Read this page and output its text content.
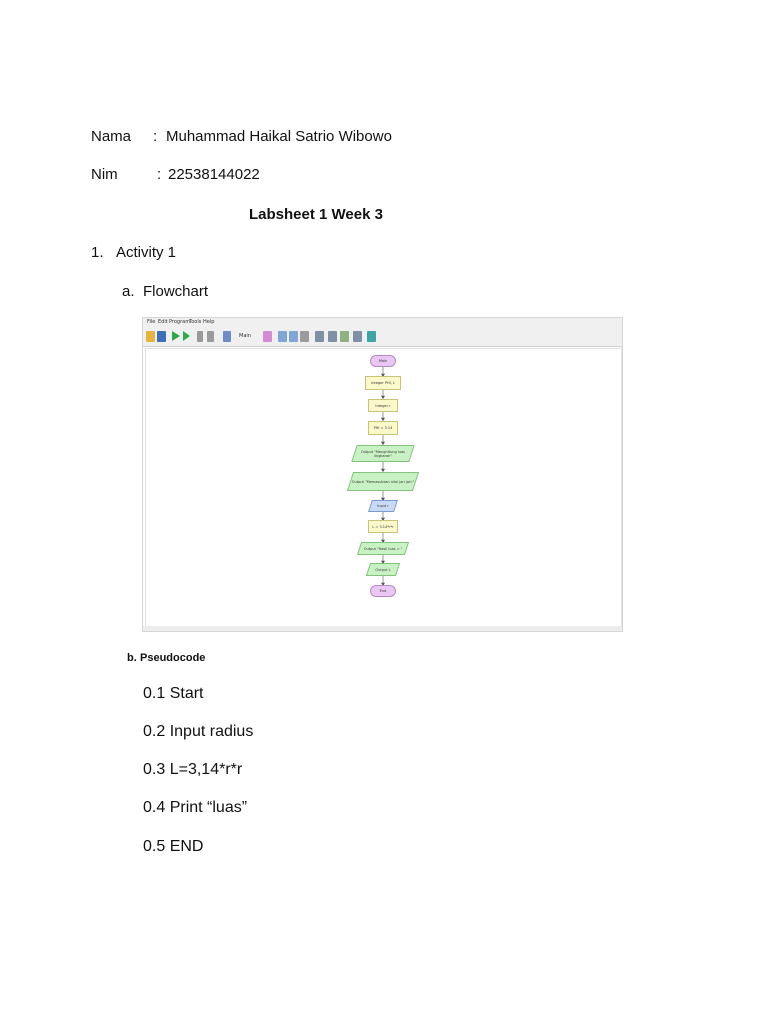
Nama : Muhammad Haikal Satrio Wibowo
Nim	: 22538144022
Labsheet 1 Week 3
1. Activity 1
a. Flowchart
File Edit Program
Tools Help
Main
Main
Integer PHI, L
Integer r
PHI = 3.14
Output "Menghitung luas lingkaran"
Output "Memasukkan nilai jari jari:"
Input r
L = 3.14*r*r
Output "Hasil luas = "
Output L
End
b. Pseudocode
0.1 Start
0.2 Input radius
0.3 L=3,14*r*r
0.4 Print “luas”
0.5 END
